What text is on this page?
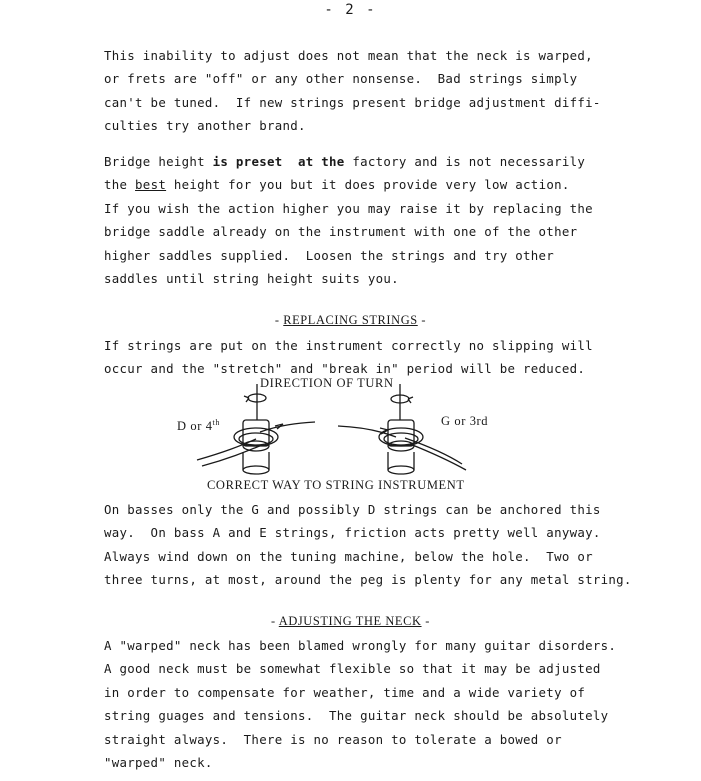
- 2 -
This inability to adjust does not mean that the neck is warped,
or frets are "off" or any other nonsense.  Bad strings simply
can't be tuned.  If new strings present bridge adjustment diffi-
culties try another brand.
Bridge height is preset  at the factory and is not necessarily
the best height for you but it does provide very low action.
If you wish the action higher you may raise it by replacing the
bridge saddle already on the instrument with one of the other
higher saddles supplied.  Loosen the strings and try other
saddles until string height suits you.
- REPLACING STRINGS -
If strings are put on the instrument correctly no slipping will
occur and the "stretch" and "break in" period will be reduced.
DIRECTION OF TURN
D or 4th	G or 3rd
CORRECT WAY TO STRING INSTRUMENT
On basses only the G and possibly D strings can be anchored this
way.  On bass A and E strings, friction acts pretty well anyway.
Always wind down on the tuning machine, below the hole.  Two or
three turns, at most, around the peg is plenty for any metal string.
- ADJUSTING THE NECK -
A "warped" neck has been blamed wrongly for many guitar disorders.
A good neck must be somewhat flexible so that it may be adjusted
in order to compensate for weather, time and a wide variety of
string guages and tensions.  The guitar neck should be absolutely
straight always.  There is no reason to tolerate a bowed or
"warped" neck.
